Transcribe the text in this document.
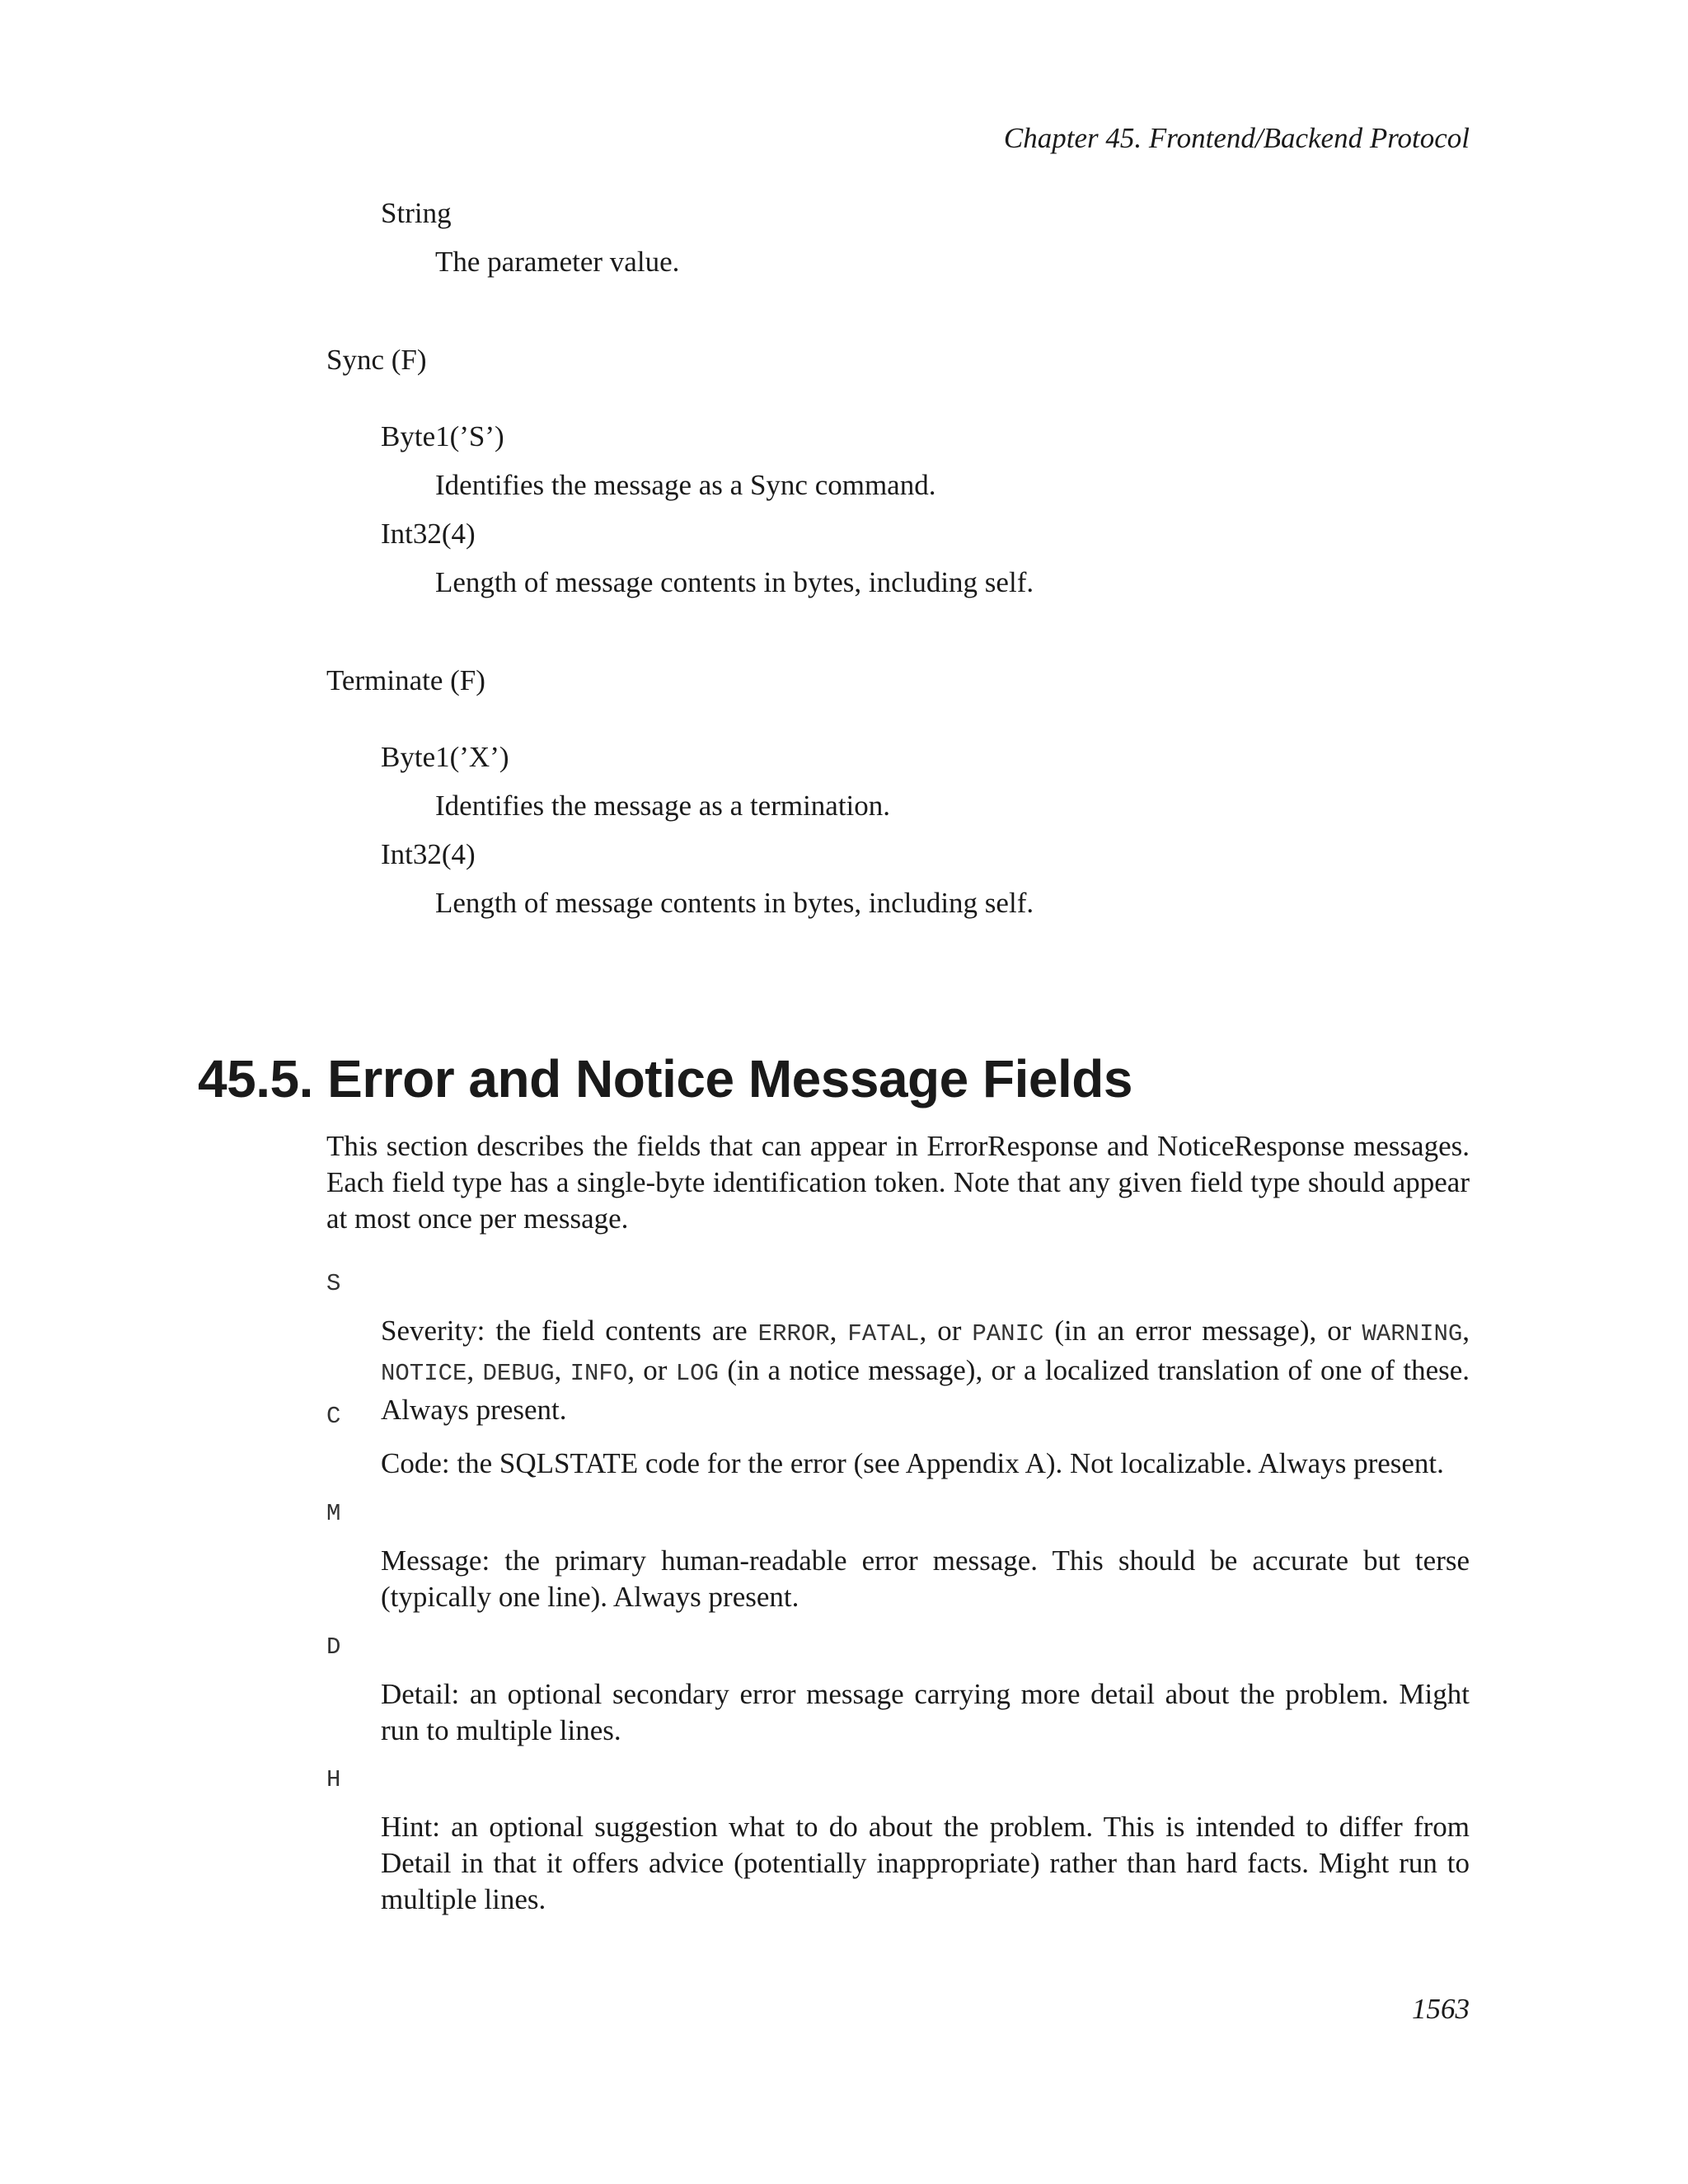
Chapter 45. Frontend/Backend Protocol
String
The parameter value.
Sync (F)
Byte1(’S’)
Identifies the message as a Sync command.
Int32(4)
Length of message contents in bytes, including self.
Terminate (F)
Byte1(’X’)
Identifies the message as a termination.
Int32(4)
Length of message contents in bytes, including self.
45.5. Error and Notice Message Fields
This section describes the fields that can appear in ErrorResponse and NoticeResponse messages. Each field type has a single-byte identification token. Note that any given field type should appear at most once per message.
S
Severity: the field contents are ERROR, FATAL, or PANIC (in an error message), or WARNING, NOTICE, DEBUG, INFO, or LOG (in a notice message), or a localized translation of one of these. Always present.
C
Code: the SQLSTATE code for the error (see Appendix A). Not localizable. Always present.
M
Message: the primary human-readable error message. This should be accurate but terse (typically one line). Always present.
D
Detail: an optional secondary error message carrying more detail about the problem. Might run to multiple lines.
H
Hint: an optional suggestion what to do about the problem. This is intended to differ from Detail in that it offers advice (potentially inappropriate) rather than hard facts. Might run to multiple lines.
1563
